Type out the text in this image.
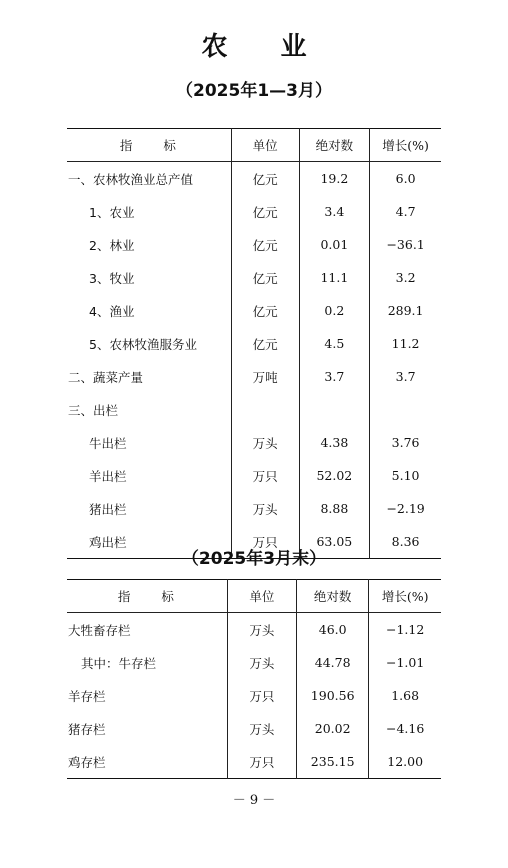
农 业
（2025年1—3月）
指　　标	单位	绝对数	增长(%)
一、农林牧渔业总产值	亿元	19.2	6.0
1、农业	亿元	3.4	4.7
2、林业	亿元	0.01	−36.1
3、牧业	亿元	11.1	3.2
4、渔业	亿元	0.2	289.1
5、农林牧渔服务业	亿元	4.5	11.2
二、蔬菜产量	万吨	3.7	3.7
三、出栏			
牛出栏	万头	4.38	3.76
羊出栏	万只	52.02	5.10
猪出栏	万头	8.88	−2.19
鸡出栏	万只	63.05	8.36
（2025年3月末）
指　　标	单位	绝对数	增长(%)
大牲畜存栏	万头	46.0	−1.12
其中：牛存栏	万头	44.78	−1.01
羊存栏	万只	190.56	1.68
猪存栏	万头	20.02	−4.16
鸡存栏	万只	235.15	12.00
－ 9 －
